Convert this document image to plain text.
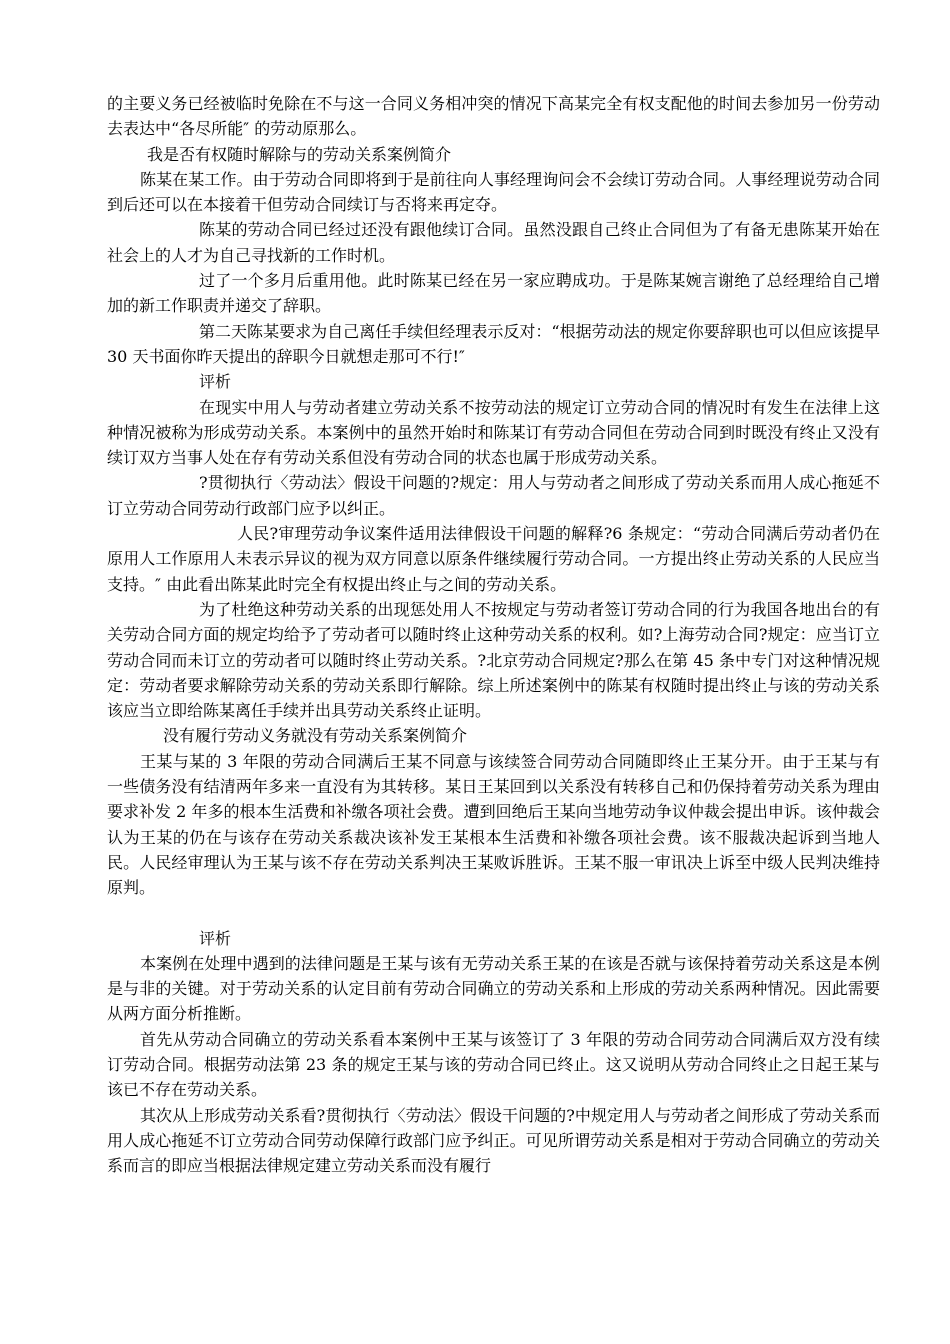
的主要义务已经被临时免除在不与这一合同义务相冲突的情况下高某完全有权支配他的时间去参加另一份劳动去表达中“各尽所能″ 的劳动原那么。

我是否有权随时解除与的劳动关系案例简介

陈某在某工作。由于劳动合同即将到于是前往向人事经理询问会不会续订劳动合同。人事经理说劳动合同到后还可以在本接着干但劳动合同续订与否将来再定夺。

陈某的劳动合同已经过还没有跟他续订合同。虽然没跟自己终止合同但为了有备无患陈某开始在社会上的人才为自己寻找新的工作时机。

过了一个多月后重用他。此时陈某已经在另一家应聘成功。于是陈某婉言谢绝了总经理给自己增加的新工作职责并递交了辞职。

第二天陈某要求为自己离任手续但经理表示反对：“根据劳动法的规定你要辞职也可以但应该提早 30 天书面你昨天提出的辞职今日就想走那可不行!″

评析

在现实中用人与劳动者建立劳动关系不按劳动法的规定订立劳动合同的情况时有发生在法律上这种情况被称为形成劳动关系。本案例中的虽然开始时和陈某订有劳动合同但在劳动合同到时既没有终止又没有续订双方当事人处在存有劳动关系但没有劳动合同的状态也属于形成劳动关系。

?贯彻执行〈劳动法〉假设干问题的?规定：用人与劳动者之间形成了劳动关系而用人成心拖延不订立劳动合同劳动行政部门应予以纠正。

人民?审理劳动争议案件适用法律假设干问题的解释?6 条规定：“劳动合同满后劳动者仍在原用人工作原用人未表示异议的视为双方同意以原条件继续履行劳动合同。一方提出终止劳动关系的人民应当支持。″ 由此看出陈某此时完全有权提出终止与之间的劳动关系。

为了杜绝这种劳动关系的出现惩处用人不按规定与劳动者签订劳动合同的行为我国各地出台的有关劳动合同方面的规定均给予了劳动者可以随时终止这种劳动关系的权利。如?上海劳动合同?规定：应当订立劳动合同而未订立的劳动者可以随时终止劳动关系。?北京劳动合同规定?那么在第 45 条中专门对这种情况规定：劳动者要求解除劳动关系的劳动关系即行解除。综上所述案例中的陈某有权随时提出终止与该的劳动关系该应当立即给陈某离任手续并出具劳动关系终止证明。

没有履行劳动义务就没有劳动关系案例简介

王某与某的 3 年限的劳动合同满后王某不同意与该续签合同劳动合同随即终止王某分开。由于王某与有一些债务没有结清两年多来一直没有为其转移。某日王某回到以关系没有转移自己和仍保持着劳动关系为理由要求补发 2 年多的根本生活费和补缴各项社会费。遭到回绝后王某向当地劳动争议仲裁会提出申诉。该仲裁会认为王某的仍在与该存在劳动关系裁决该补发王某根本生活费和补缴各项社会费。该不服裁决起诉到当地人民。人民经审理认为王某与该不存在劳动关系判决王某败诉胜诉。王某不服一审讯决上诉至中级人民判决维持原判。

评析

本案例在处理中遇到的法律问题是王某与该有无劳动关系王某的在该是否就与该保持着劳动关系这是本例是与非的关键。对于劳动关系的认定目前有劳动合同确立的劳动关系和上形成的劳动关系两种情况。因此需要从两方面分析推断。

首先从劳动合同确立的劳动关系看本案例中王某与该签订了 3 年限的劳动合同劳动合同满后双方没有续订劳动合同。根据劳动法第 23 条的规定王某与该的劳动合同已终止。这又说明从劳动合同终止之日起王某与该已不存在劳动关系。

其次从上形成劳动关系看?贯彻执行〈劳动法〉假设干问题的?中规定用人与劳动者之间形成了劳动关系而用人成心拖延不订立劳动合同劳动保障行政部门应予纠正。可见所谓劳动关系是相对于劳动合同确立的劳动关系而言的即应当根据法律规定建立劳动关系而没有履行
